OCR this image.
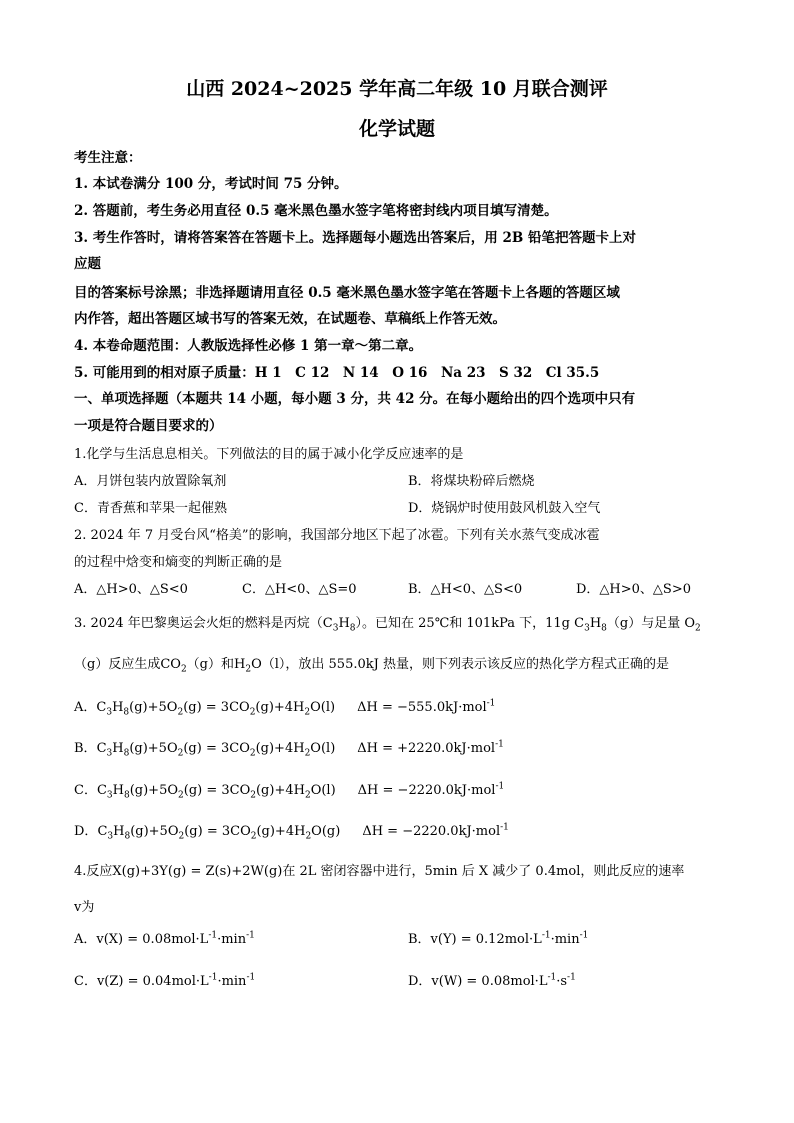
山西 2024~2025 学年高二年级 10 月联合测评
化学试题
考生注意：
1. 本试卷满分 100 分，考试时间 75 分钟。
2. 答题前，考生务必用直径 0.5 毫米黑色墨水签字笔将密封线内项目填写清楚。
3. 考生作答时，请将答案答在答题卡上。选择题每小题选出答案后，用 2B 铅笔把答题卡上对
应题
目的答案标号涂黑；非选择题请用直径 0.5 毫米黑色墨水签字笔在答题卡上各题的答题区域
内作答，超出答题区域书写的答案无效，在试题卷、草稿纸上作答无效。
4. 本卷命题范围：人教版选择性必修 1 第一章～第二章。
5. 可能用到的相对原子质量：H 1　C 12　N 14　O 16　Na 23　S 32　Cl 35.5
一、单项选择题（本题共 14 小题，每小题 3 分，共 42 分。在每小题给出的四个选项中只有
一项是符合题目要求的）
1.化学与生活息息相关。下列做法的目的属于减小化学反应速率的是
A．月饼包装内放置除氧剂	B．将煤块粉碎后燃烧
C．青香蕉和苹果一起催熟	D．烧锅炉时使用鼓风机鼓入空气
2. 2024 年 7 月受台风“格美”的影响，我国部分地区下起了冰雹。下列有关水蒸气变成冰雹
的过程中焓变和熵变的判断正确的是
A．△H>0、△S<0	C．△H<0、△S=0	B．△H<0、△S<0	D．△H>0、△S>0
3. 2024 年巴黎奥运会火炬的燃料是丙烷$(C_3H_8)$。已知在 25℃和 101kPa 下，11g $C_3H_8(g)$与足量 $O_2$
（g）反应生成$CO_2(g)$和$H_2O(l)$，放出 555.0kJ 热量，则下列表示该反应的热化学方程式正确的是
A．$C_3H_8(g)+5O_2(g) = 3CO_2(g)+4H_2O(l) \Delta H = -555.0kJ\cdot mol^{-1}$
B．$C_3H_8(g)+5O_2(g) = 3CO_2(g)+4H_2O(l) \Delta H = +2220.0kJ\cdot mol^{-1}$
C．$C_3H_8(g)+5O_2(g) = 3CO_2(g)+4H_2O(l) \Delta H = -2220.0kJ\cdot mol^{-1}$
D．$C_3H_8(g)+5O_2(g) = 3CO_2(g)+4H_2O(g) \Delta H = -2220.0kJ\cdot mol^{-1}$
4.反应X(g)+3Y(g) = Z(s)+2W(g)在 2L 密闭容器中进行，5min 后 X 减少了 0.4mol，则此反应的速率
v为
A．$v(X) = 0.08mol\cdot L^{-1}\cdot\min^{-1}$	B．$v(Y) = 0.12mol\cdot L^{-1}\cdot\min^{-1}$
C．$v(Z) = 0.04mol\cdot L^{-1}\cdot\min^{-1}$	D．$v(W) = 0.08mol\cdot L^{-1}\cdot s^{-1}$
